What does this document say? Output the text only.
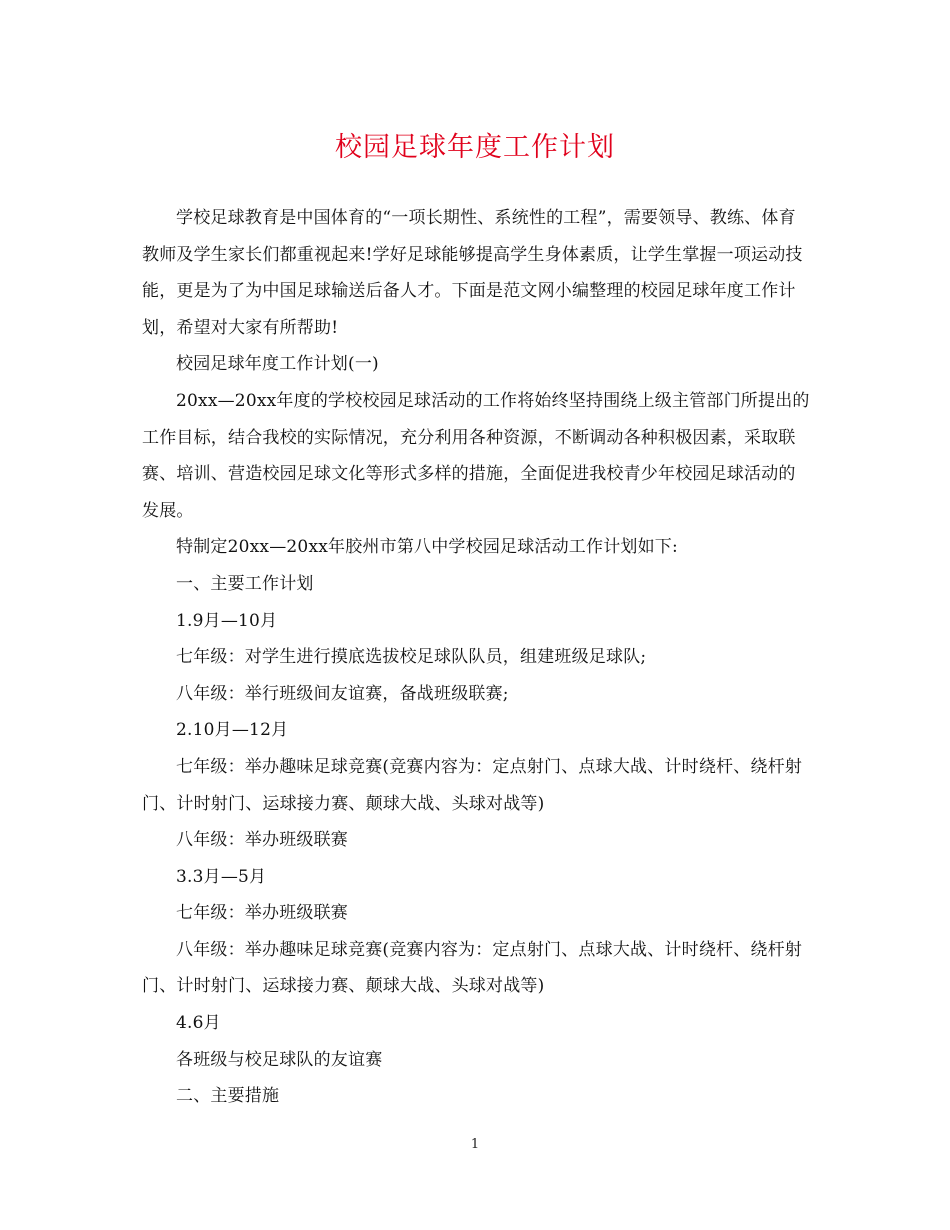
校园足球年度工作计划

学校足球教育是中国体育的“一项长期性、系统性的工程”，需要领导、教练、体育教师及学生家长们都重视起来!学好足球能够提高学生身体素质，让学生掌握一项运动技能，更是为了为中国足球输送后备人才。下面是范文网小编整理的校园足球年度工作计划，希望对大家有所帮助!

校园足球年度工作计划(一)

20xx—20xx年度的学校校园足球活动的工作将始终坚持围绕上级主管部门所提出的工作目标，结合我校的实际情况，充分利用各种资源，不断调动各种积极因素，采取联赛、培训、营造校园足球文化等形式多样的措施，全面促进我校青少年校园足球活动的发展。

特制定20xx—20xx年胶州市第八中学校园足球活动工作计划如下:

一、主要工作计划

1.9月—10月

七年级：对学生进行摸底选拔校足球队队员，组建班级足球队;

八年级：举行班级间友谊赛，备战班级联赛;

2.10月—12月

七年级：举办趣味足球竞赛(竞赛内容为：定点射门、点球大战、计时绕杆、绕杆射门、计时射门、运球接力赛、颠球大战、头球对战等)

八年级：举办班级联赛

3.3月—5月

七年级：举办班级联赛

八年级：举办趣味足球竞赛(竞赛内容为：定点射门、点球大战、计时绕杆、绕杆射门、计时射门、运球接力赛、颠球大战、头球对战等)

4.6月

各班级与校足球队的友谊赛

二、主要措施

1
